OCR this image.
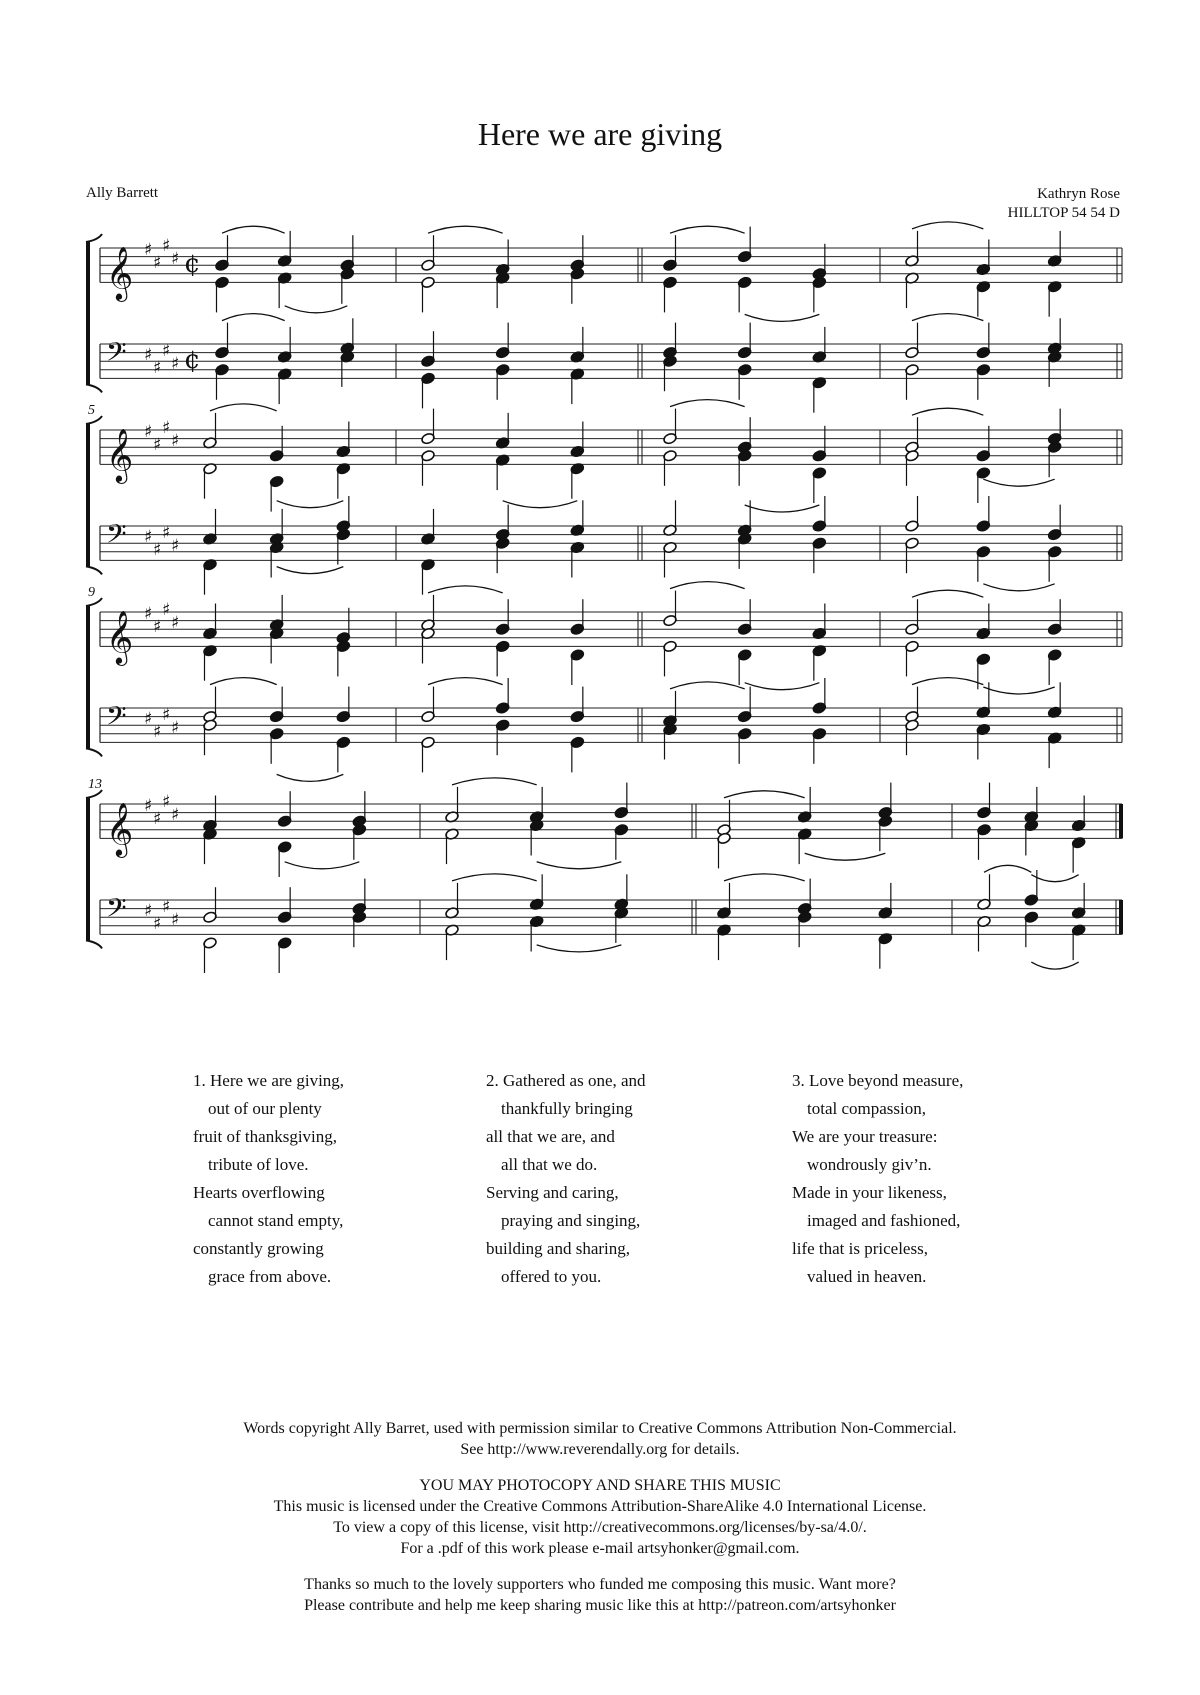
Here we are giving
Ally Barrett	Kathryn Rose
HILLTOP 54 54 D
𝄞 ♯
♯
♯
♯ ¢
𝄢 ♯
♯
♯
♯ ¢
𝄞 ♯
♯
♯
♯
𝄢 ♯
♯
♯
♯
5
𝄞 ♯
♯
♯
♯
𝄢 ♯
♯
♯
♯
9
𝄞 ♯
♯
♯
♯
𝄢 ♯
♯
♯
♯
13
1. Here we are giving,
out of our plenty
fruit of thanksgiving,
tribute of love.
Hearts overflowing
cannot stand empty,
constantly growing
grace from above.
2. Gathered as one, and
thankfully bringing
all that we are, and
all that we do.
Serving and caring,
praying and singing,
building and sharing,
offered to you.
3. Love beyond measure,
total compassion,
We are your treasure:
wondrously giv’n.
Made in your likeness,
imaged and fashioned,
life that is priceless,
valued in heaven.
Words copyright Ally Barret, used with permission similar to Creative Commons Attribution Non-Commercial.
See http://www.reverendally.org for details.
YOU MAY PHOTOCOPY AND SHARE THIS MUSIC
This music is licensed under the Creative Commons Attribution-ShareAlike 4.0 International License.
To view a copy of this license, visit http://creativecommons.org/licenses/by-sa/4.0/.
For a .pdf of this work please e-mail artsyhonker@gmail.com.
Thanks so much to the lovely supporters who funded me composing this music. Want more?
Please contribute and help me keep sharing music like this at http://patreon.com/artsyhonker
